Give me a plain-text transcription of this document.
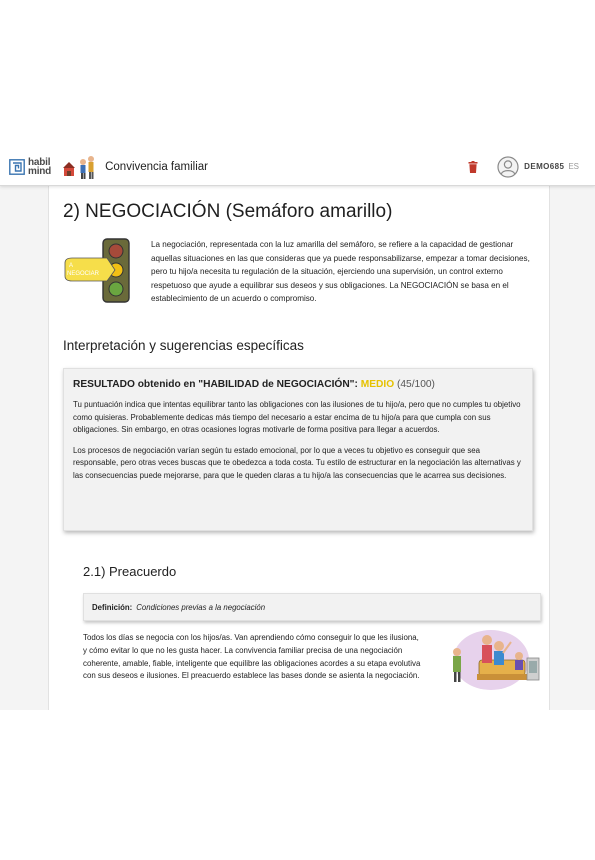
habil
mind	Convivencia familiar	DEMO685 ES
2) NEGOCIACIÓN (Semáforo amarillo)
A
NEGOCIAR

La negociación, representada con la luz amarilla del semáforo, se refiere a la capacidad de gestionar aquellas situaciones en las que consideras que ya puede responsabilizarse, empezar a tomar decisiones, pero tu hijo/a necesita tu regulación de la situación, ejerciendo una supervisión, un control externo respetuoso que ayude a equilibrar sus deseos y sus obligaciones. La NEGOCIACIÓN se basa en el establecimiento de un acuerdo o compromiso.

Interpretación y sugerencias específicas
RESULTADO obtenido en "HABILIDAD de NEGOCIACIÓN": MEDIO (45/100)

Tu puntuación indica que intentas equilibrar tanto las obligaciones con las ilusiones de tu hijo/a, pero que no cumples tu objetivo como quisieras. Probablemente dedicas más tiempo del necesario a estar encima de tu hijo/a para que cumpla con sus obligaciones. Sin embargo, en otras ocasiones logras motivarle de forma positiva para llegar a acuerdos.

Los procesos de negociación varían según tu estado emocional, por lo que a veces tu objetivo es conseguir que sea responsable, pero otras veces buscas que te obedezca a toda costa. Tu estilo de estructurar en la negociación las alternativas y las consecuencias puede mejorarse, para que le queden claras a tu hijo/a las consecuencias que le acarrea sus decisiones.

2.1) Preacuerdo
Definición: Condiciones previas a la negociación

Todos los días se negocia con los hijos/as. Van aprendiendo cómo conseguir lo que les ilusiona, y cómo evitar lo que no les gusta hacer. La convivencia familiar precisa de una negociación coherente, amable, fiable, inteligente que equilibre las obligaciones acordes a su etapa evolutiva con sus deseos e ilusiones. El preacuerdo establece las bases donde se asienta la negociación.
